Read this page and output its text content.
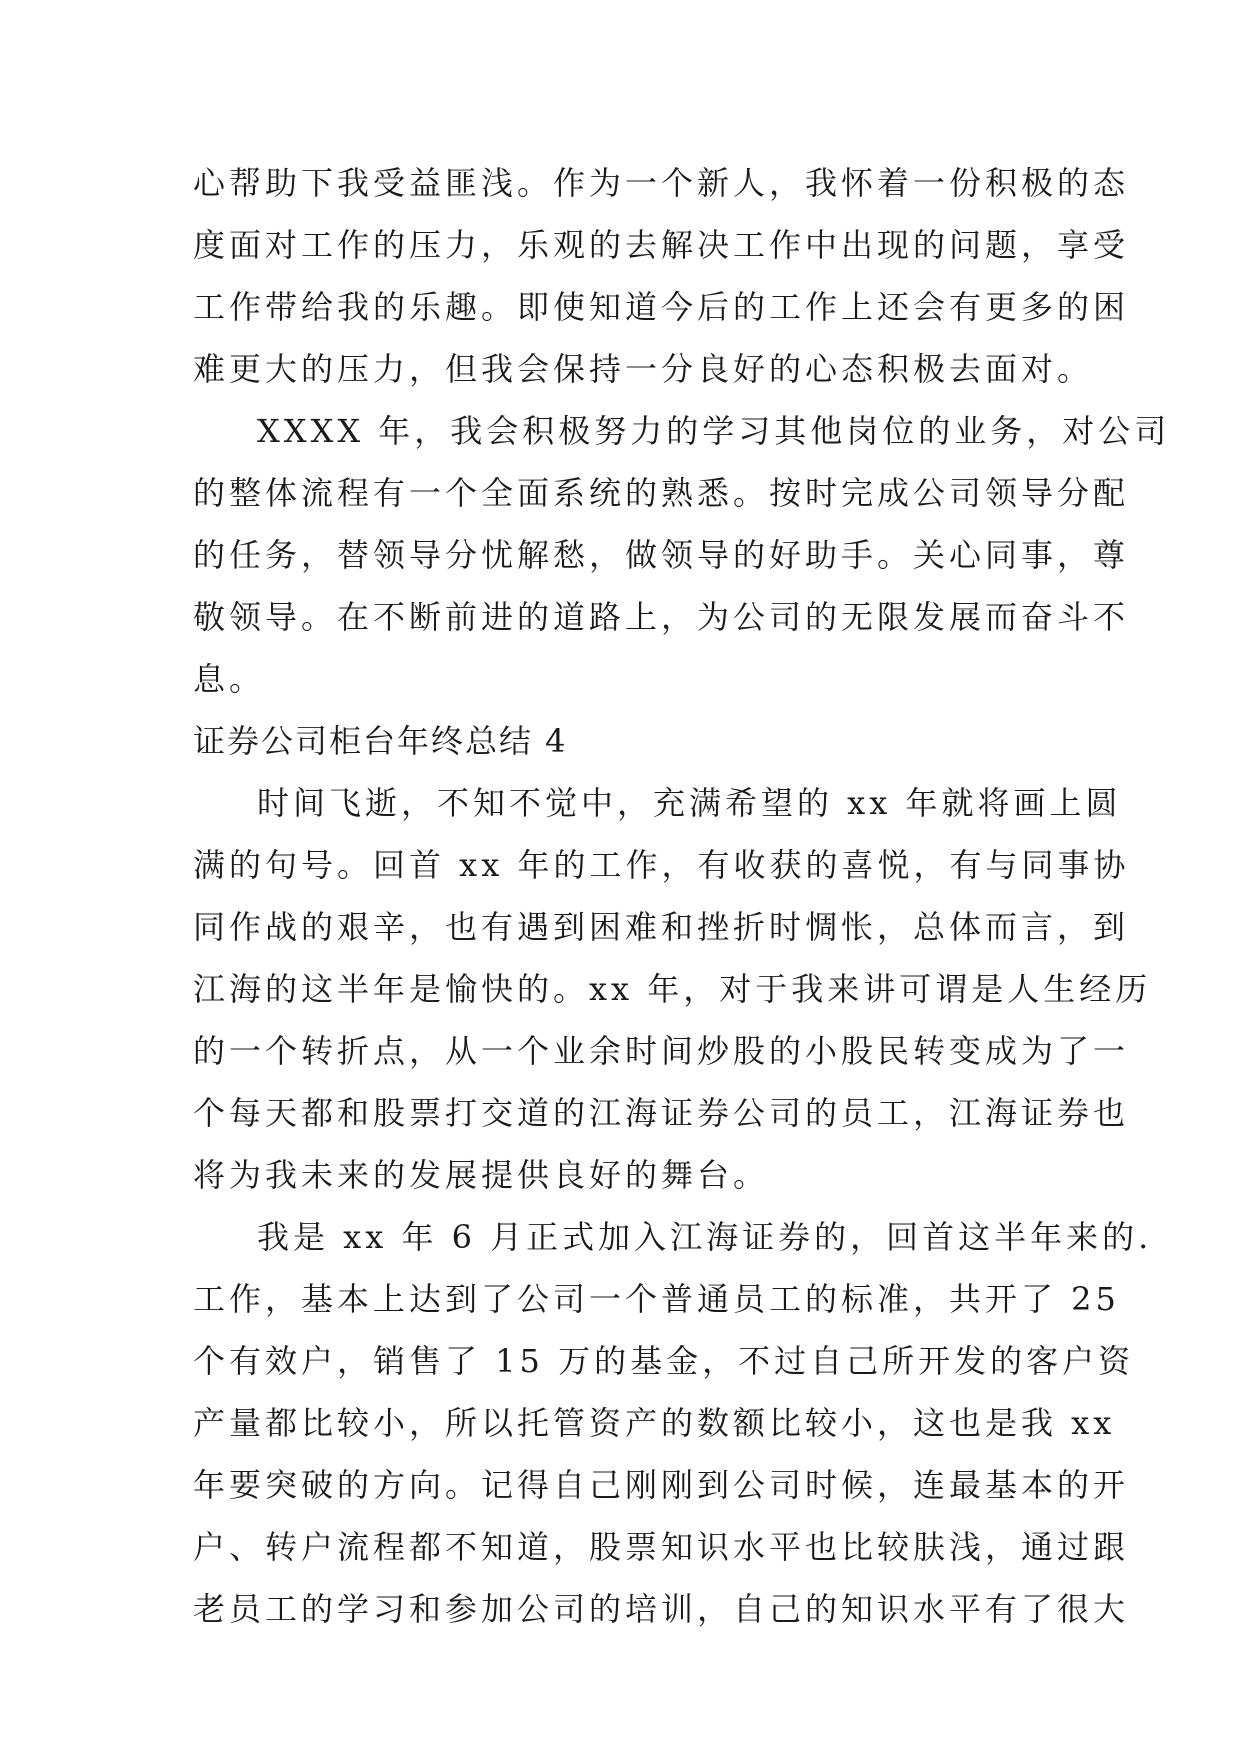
心帮助下我受益匪浅。作为一个新人，我怀着一份积极的态
度面对工作的压力，乐观的去解决工作中出现的问题，享受
工作带给我的乐趣。即使知道今后的工作上还会有更多的困
难更大的压力，但我会保持一分良好的心态积极去面对。
XXXX 年，我会积极努力的学习其他岗位的业务，对公司
的整体流程有一个全面系统的熟悉。按时完成公司领导分配
的任务，替领导分忧解愁，做领导的好助手。关心同事，尊
敬领导。在不断前进的道路上，为公司的无限发展而奋斗不
息。
证券公司柜台年终总结 4
时间飞逝，不知不觉中，充满希望的 xx 年就将画上圆
满的句号。回首 xx 年的工作，有收获的喜悦，有与同事协
同作战的艰辛，也有遇到困难和挫折时惆怅，总体而言，到
江海的这半年是愉快的。xx 年，对于我来讲可谓是人生经历
的一个转折点，从一个业余时间炒股的小股民转变成为了一
个每天都和股票打交道的江海证券公司的员工，江海证券也
将为我未来的发展提供良好的舞台。
我是 xx 年 6 月正式加入江海证券的，回首这半年来的.
工作，基本上达到了公司一个普通员工的标准，共开了 25
个有效户，销售了 15 万的基金，不过自己所开发的客户资
产量都比较小，所以托管资产的数额比较小，这也是我 xx
年要突破的方向。记得自己刚刚到公司时候，连最基本的开
户、转户流程都不知道，股票知识水平也比较肤浅，通过跟
老员工的学习和参加公司的培训，自己的知识水平有了很大
